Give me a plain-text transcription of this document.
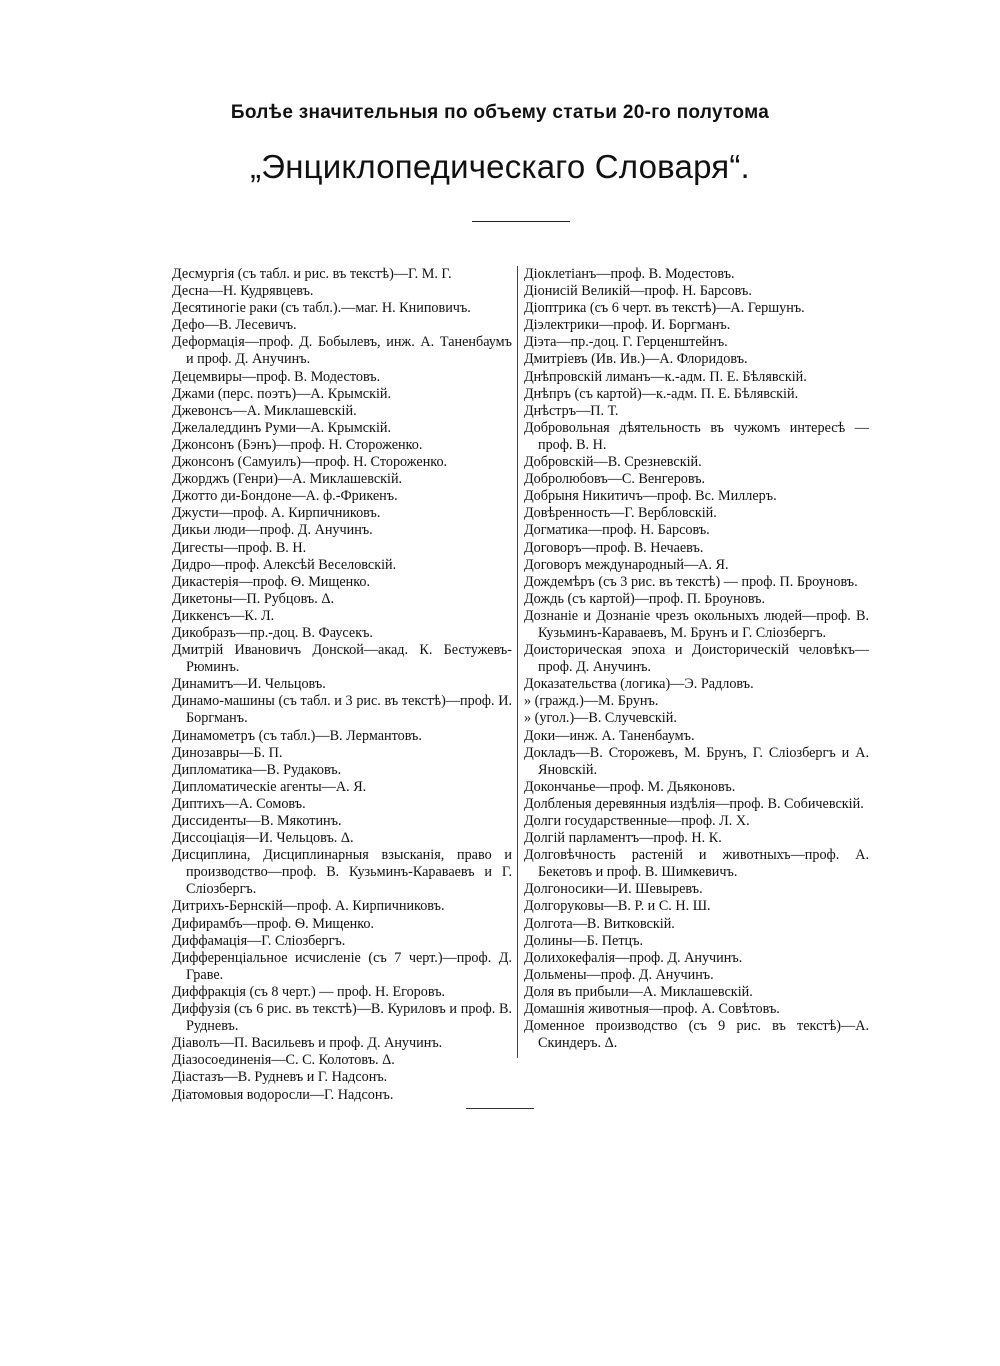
Болѣе значительныя по объему статьи 20-го полутома
„Энциклопедическаго Словаря“.

Десмургія (съ табл. и рис. въ текстѣ)—Г. М. Г.

Десна—Н. Кудрявцевъ.

Десятиногіе раки (съ табл.).—маг. Н. Книповичъ.

Дефо—В. Лесевичъ.

Деформація—проф. Д. Бобылевъ, инж. А. Таненбаумъ и проф. Д. Анучинъ.

Децемвиры—проф. В. Модестовъ.

Джами (перс. поэтъ)—А. Крымскій.

Джевонсъ—А. Миклашевскій.

Джелаледдинъ Руми—А. Крымскій.

Джонсонъ (Бэнъ)—проф. Н. Стороженко.

Джонсонъ (Самуилъ)—проф. Н. Стороженко.

Джорджъ (Генри)—А. Миклашевскій.

Джотто ди-Бондоне—А. ф.-Фрикенъ.

Джусти—проф. А. Кирпичниковъ.

Дикьи люди—проф. Д. Анучинъ.

Дигесты—проф. В. Н.

Дидро—проф. Алексѣй Веселовскій.

Дикастерія—проф. Ѳ. Мищенко.

Дикетоны—П. Рубцовъ. Δ.

Диккенсъ—К. Л.

Дикобразъ—пр.-доц. В. Фаусекъ.

Дмитрій Ивановичъ Донской—акад. К. Бестужевъ-Рюминъ.

Динамитъ—И. Чельцовъ.

Динамо-машины (съ табл. и 3 рис. въ текстѣ)—проф. И. Боргманъ.

Динамометръ (съ табл.)—В. Лермантовъ.

Динозавры—Б. П.

Дипломатика—В. Рудаковъ.

Дипломатическіе агенты—А. Я.

Диптихъ—А. Сомовъ.

Диссиденты—В. Мякотинъ.

Диссоціація—И. Чельцовъ. Δ.

Дисциплина, Дисциплинарныя взысканія, право и производство—проф. В. Кузьминъ-Караваевъ и Г. Слiозбергъ.

Дитрихъ-Бернскій—проф. А. Кирпичниковъ.

Дифирамбъ—проф. Ѳ. Мищенко.

Диффамація—Г. Слiозбергъ.

Дифференціальное исчисленіе (съ 7 черт.)—проф. Д. Граве.

Диффракція (съ 8 черт.) — проф. Н. Егоровъ.

Диффузія (съ 6 рис. въ текстѣ)—В. Куриловъ и проф. В. Рудневъ.

Діаволъ—П. Васильевъ и проф. Д. Анучинъ.

Діазосоединенія—С. С. Колотовъ. Δ.

Діастазъ—В. Рудневъ и Г. Надсонъ.

Діатомовыя водоросли—Г. Надсонъ.

Діоклетіанъ—проф. В. Модестовъ.

Діонисій Великій—проф. Н. Барсовъ.

Діоптрика (съ 6 черт. въ текстѣ)—А. Гершунъ.

Діэлектрики—проф. И. Боргманъ.

Діэта—пр.-доц. Г. Герценштейнъ.

Дмитріевъ (Ив. Ив.)—А. Флоридовъ.

Днѣпровскій лиманъ—к.-адм. П. Е. Бѣлявскій.

Днѣпръ (съ картой)—к.-адм. П. Е. Бѣлявскій.

Днѣстръ—П. Т.

Добровольная дѣятельность въ чужомъ интересѣ —проф. В. Н.

Добровскій—В. Срезневскій.

Добролюбовъ—С. Венгеровъ.

Добрыня Никитичъ—проф. Вс. Миллеръ.

Довѣренность—Г. Вербловскій.

Догматика—проф. Н. Барсовъ.

Договоръ—проф. В. Нечаевъ.

Договоръ международный—А. Я.

Дождемѣръ (съ 3 рис. въ текстѣ) — проф. П. Броуновъ.

Дождь (съ картой)—проф. П. Броуновъ.

Дознаніе и Дознаніе чрезъ окольныхъ людей—проф. В. Кузьминъ-Караваевъ, М. Брунъ и Г. Слiозбергъ.

Доисторическая эпоха и Доисторическій человѣкъ—проф. Д. Анучинъ.

Доказательства (логика)—Э. Радловъ.

» (гражд.)—М. Брунъ.

» (угол.)—В. Случевскій.

Доки—инж. А. Таненбаумъ.

Докладъ—В. Сторожевъ, М. Брунъ, Г. Слiозбергъ и А. Яновскій.

Докончанье—проф. М. Дьяконовъ.

Долбленыя деревянныя издѣлія—проф. В. Собичевскій.

Долги государственные—проф. Л. Х.

Долгій парламентъ—проф. Н. К.

Долговѣчность растеній и животныхъ—проф. А. Бекетовъ и проф. В. Шимкевичъ.

Долгоносики—И. Шевыревъ.

Долгоруковы—В. Р. и С. Н. Ш.

Долгота—В. Витковскій.

Долины—Б. Петцъ.

Долихокефалія—проф. Д. Анучинъ.

Дольмены—проф. Д. Анучинъ.

Доля въ прибыли—А. Миклашевскій.

Домашнія животныя—проф. А. Совѣтовъ.

Доменное производство (съ 9 рис. въ текстѣ)—А. Скиндеръ. Δ.
